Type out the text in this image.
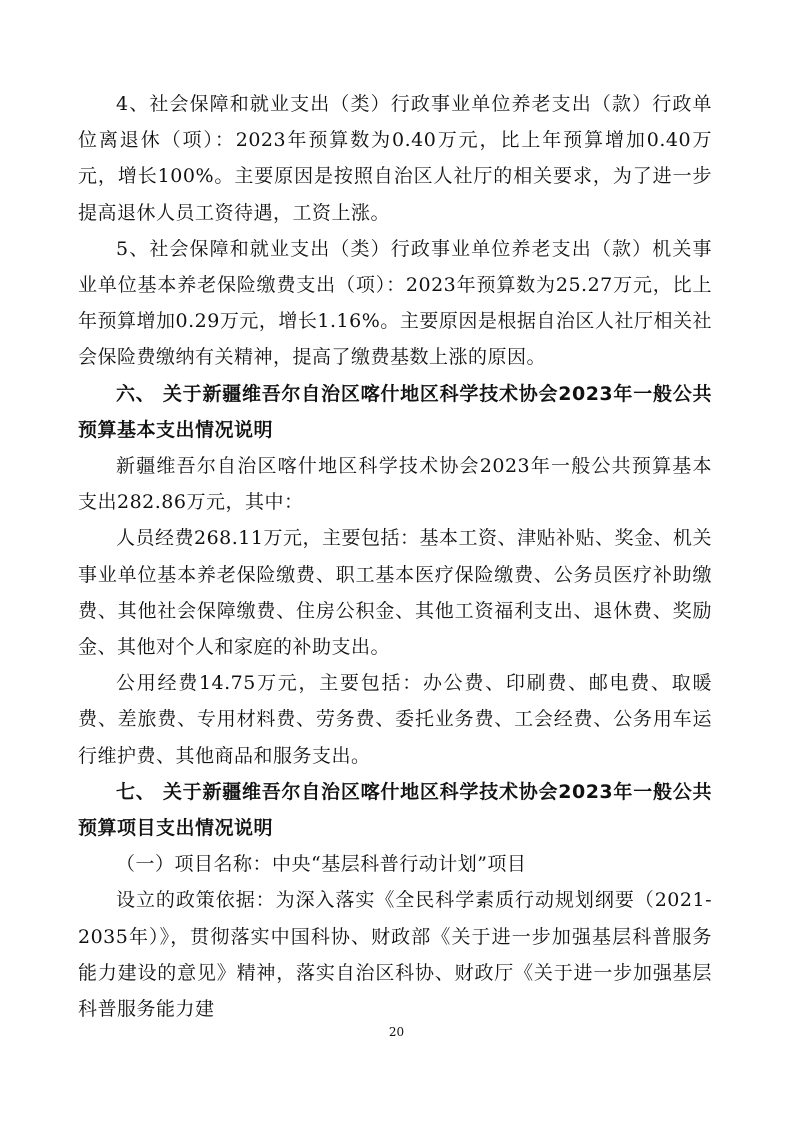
4、社会保障和就业支出（类）行政事业单位养老支出（款）行政单位离退休（项）：2023年预算数为0.40万元，比上年预算增加0.40万元，增长100%。主要原因是按照自治区人社厅的相关要求，为了进一步提高退休人员工资待遇，工资上涨。

5、社会保障和就业支出（类）行政事业单位养老支出（款）机关事业单位基本养老保险缴费支出（项）：2023年预算数为25.27万元，比上年预算增加0.29万元，增长1.16%。主要原因是根据自治区人社厅相关社会保险费缴纳有关精神，提高了缴费基数上涨的原因。

六、 关于新疆维吾尔自治区喀什地区科学技术协会2023年一般公共预算基本支出情况说明

新疆维吾尔自治区喀什地区科学技术协会2023年一般公共预算基本支出282.86万元，其中：

人员经费268.11万元，主要包括：基本工资、津贴补贴、奖金、机关事业单位基本养老保险缴费、职工基本医疗保险缴费、公务员医疗补助缴费、其他社会保障缴费、住房公积金、其他工资福利支出、退休费、奖励金、其他对个人和家庭的补助支出。

公用经费14.75万元，主要包括：办公费、印刷费、邮电费、取暖费、差旅费、专用材料费、劳务费、委托业务费、工会经费、公务用车运行维护费、其他商品和服务支出。

七、 关于新疆维吾尔自治区喀什地区科学技术协会2023年一般公共预算项目支出情况说明

（一）项目名称：中央“基层科普行动计划”项目

设立的政策依据：为深入落实《全民科学素质行动规划纲要（2021-2035年）》，贯彻落实中国科协、财政部《关于进一步加强基层科普服务能力建设的意见》精神，落实自治区科协、财政厅《关于进一步加强基层科普服务能力建

20
